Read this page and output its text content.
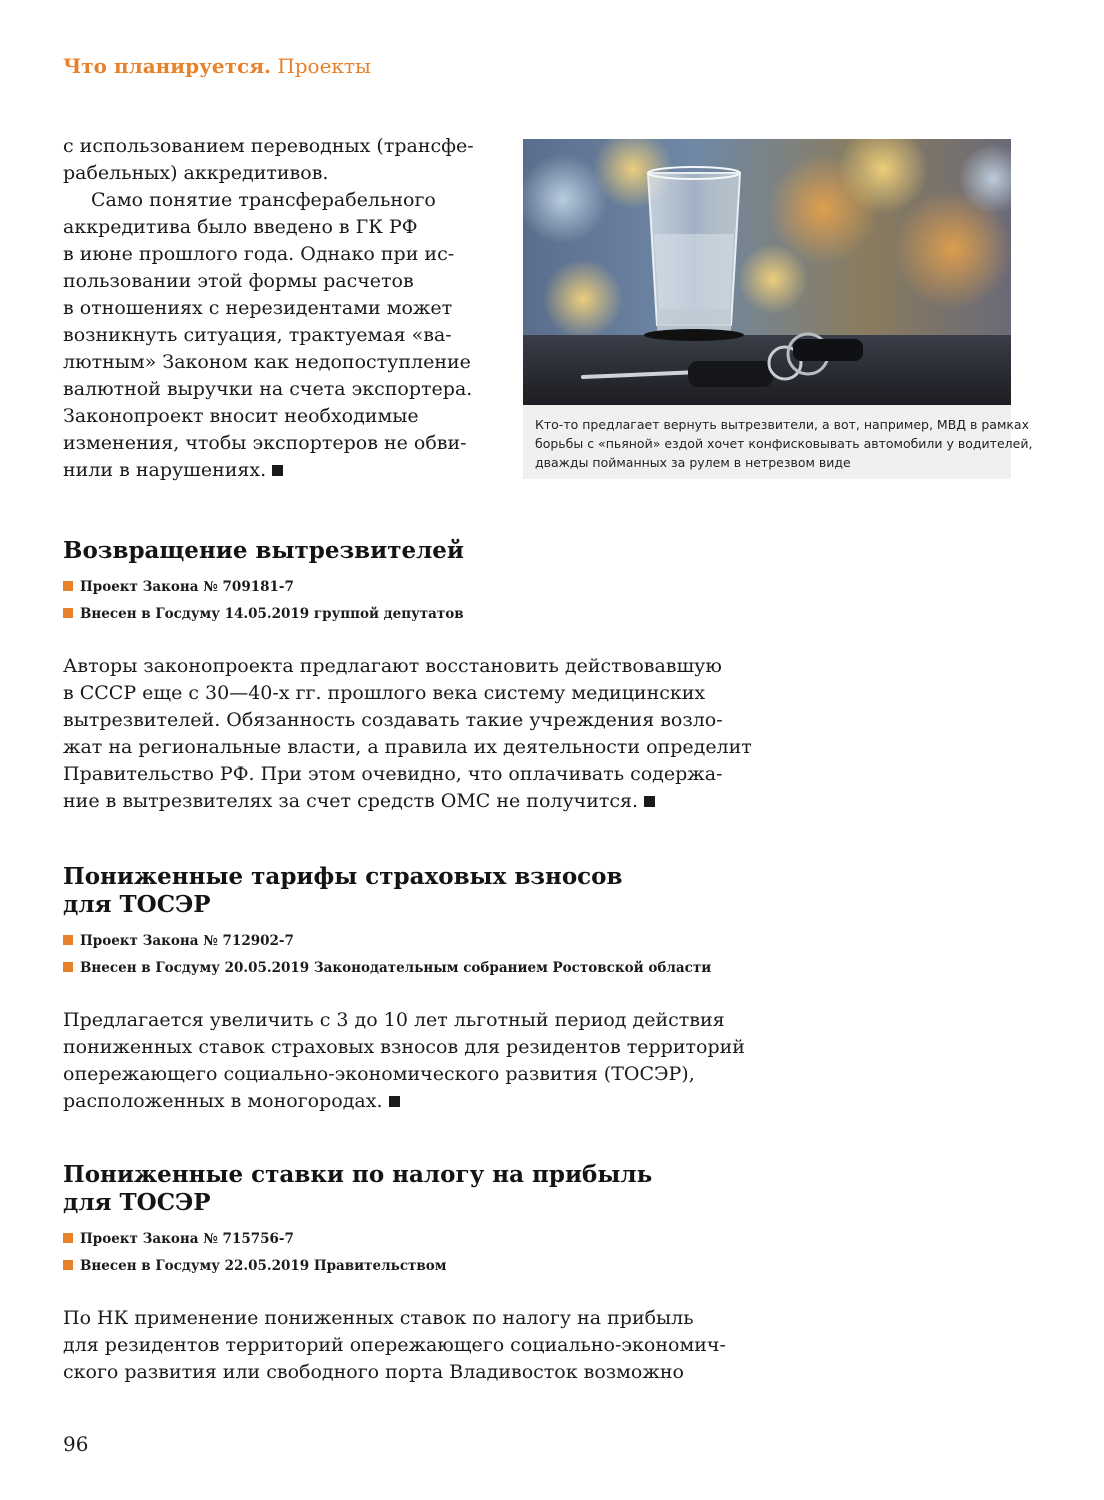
Что планируется. Проекты
с использованием переводных (трансфе-
рабельных) аккредитивов.
Само понятие трансферабельного
аккредитива было введено в ГК РФ
в июне прошлого года. Однако при ис-
пользовании этой формы расчетов
в отношениях с нерезидентами может
возникнуть ситуация, трактуемая «ва-
лютным» Законом как недопоступление
валютной выручки на счета экспортера.
Законопроект вносит необходимые
изменения, чтобы экспортеров не обви-
нили в нарушениях.
Кто-то предлагает вернуть вытрезвители, а вот, например, МВД в рамках
борьбы с «пьяной» ездой хочет конфисковывать автомобили у водителей,
дважды пойманных за рулем в нетрезвом виде
Возвращение вытрезвителей
Проект Закона № 709181-7
Внесен в Госдуму 14.05.2019 группой депутатов
Авторы законопроекта предлагают восстановить действовавшую
в СССР еще с 30—40-х гг. прошлого века систему медицинских
вытрезвителей. Обязанность создавать такие учреждения возло-
жат на региональные власти, а правила их деятельности определит
Правительство РФ. При этом очевидно, что оплачивать содержа-
ние в вытрезвителях за счет средств ОМС не получится.
Пониженные тарифы страховых взносов
для ТОСЭР
Проект Закона № 712902-7
Внесен в Госдуму 20.05.2019 Законодательным собранием Ростовской области
Предлагается увеличить с 3 до 10 лет льготный период действия
пониженных ставок страховых взносов для резидентов территорий
опережающего социально-экономического развития (ТОСЭР),
расположенных в моногородах.
Пониженные ставки по налогу на прибыль
для ТОСЭР
Проект Закона № 715756-7
Внесен в Госдуму 22.05.2019 Правительством
По НК применение пониженных ставок по налогу на прибыль
для резидентов территорий опережающего социально-экономич-
ского развития или свободного порта Владивосток возможно
96
